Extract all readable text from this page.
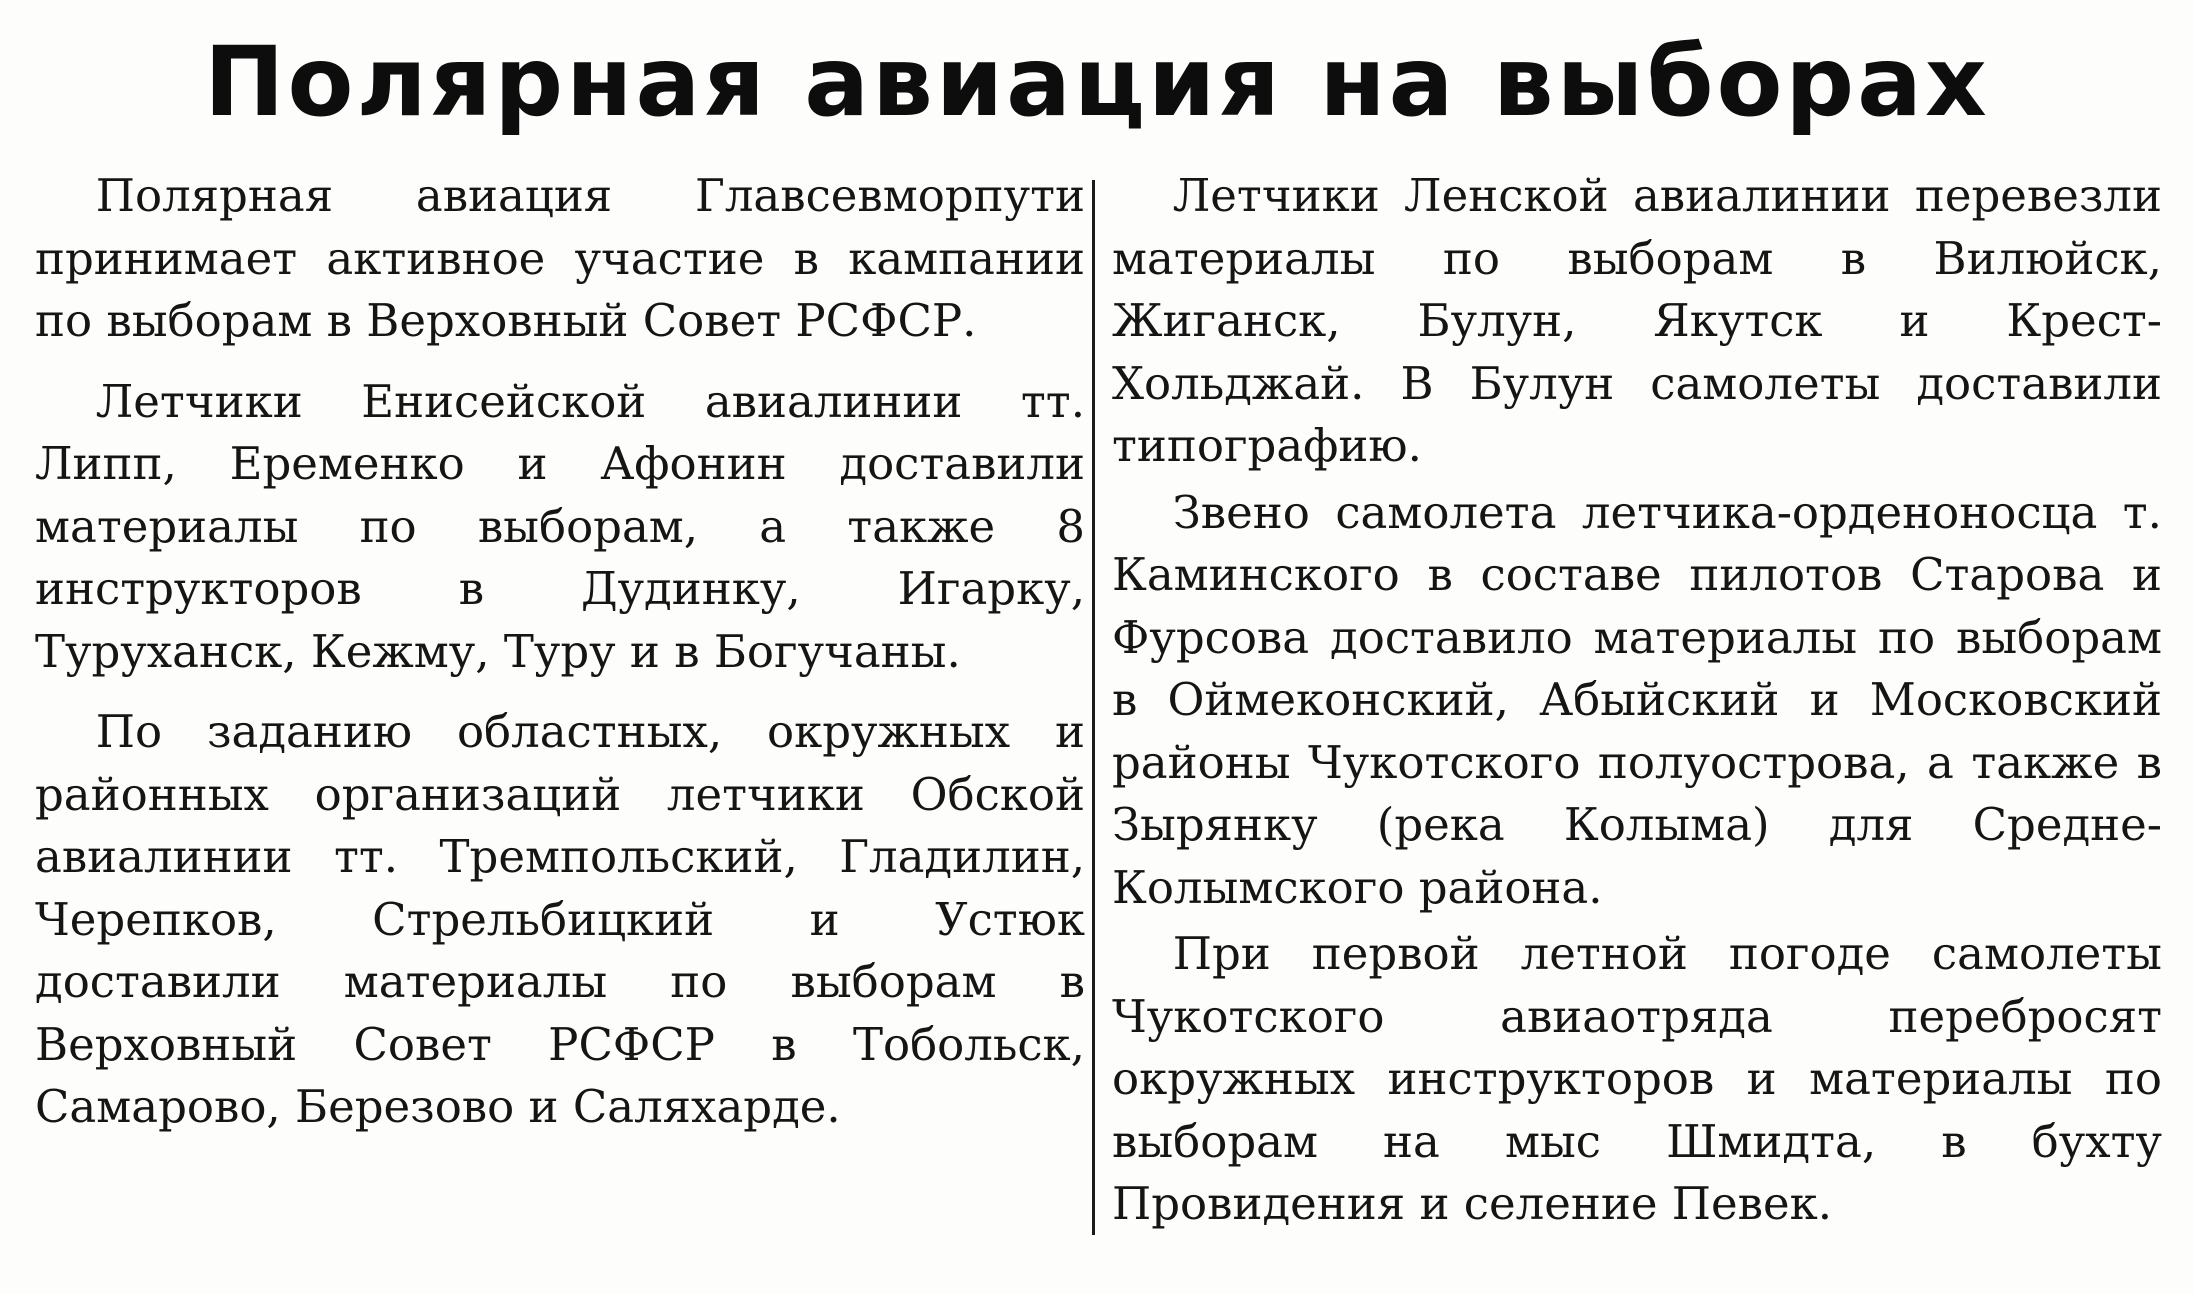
Полярная авиация на выборах

Полярная авиация Главсевморпути принимает активное участие в кампании по выборам в Верховный Совет РСФСР.

Летчики Енисейской авиалинии тт. Липп, Еременко и Афонин доставили материалы по выборам, а также 8 инструкторов в Дудинку, Игарку, Туруханск, Кежму, Туру и в Богучаны.

По заданию областных, окружных и районных организаций летчики Обской авиалинии тт. Тремпольский, Гладилин, Черепков, Стрельбицкий и Устюк доставили материалы по выборам в Верховный Совет РСФСР в Тобольск, Самарово, Березово и Саляхарде.

Летчики Ленской авиалинии перевезли материалы по выборам в Вилюйск, Жиганск, Булун, Якутск и Крест-Хольджай. В Булун самолеты доставили типографию.

Звено самолета летчика-орденоносца т. Каминского в составе пилотов Старова и Фурсова доставило материалы по выборам в Оймеконский, Абыйский и Московский районы Чукотского полуострова, а также в Зырянку (река Колыма) для Средне-Колымского района.

При первой летной погоде самолеты Чукотского авиаотряда перебросят окружных инструкторов и материалы по выборам на мыс Шмидта, в бухту Провидения и селение Певек.
